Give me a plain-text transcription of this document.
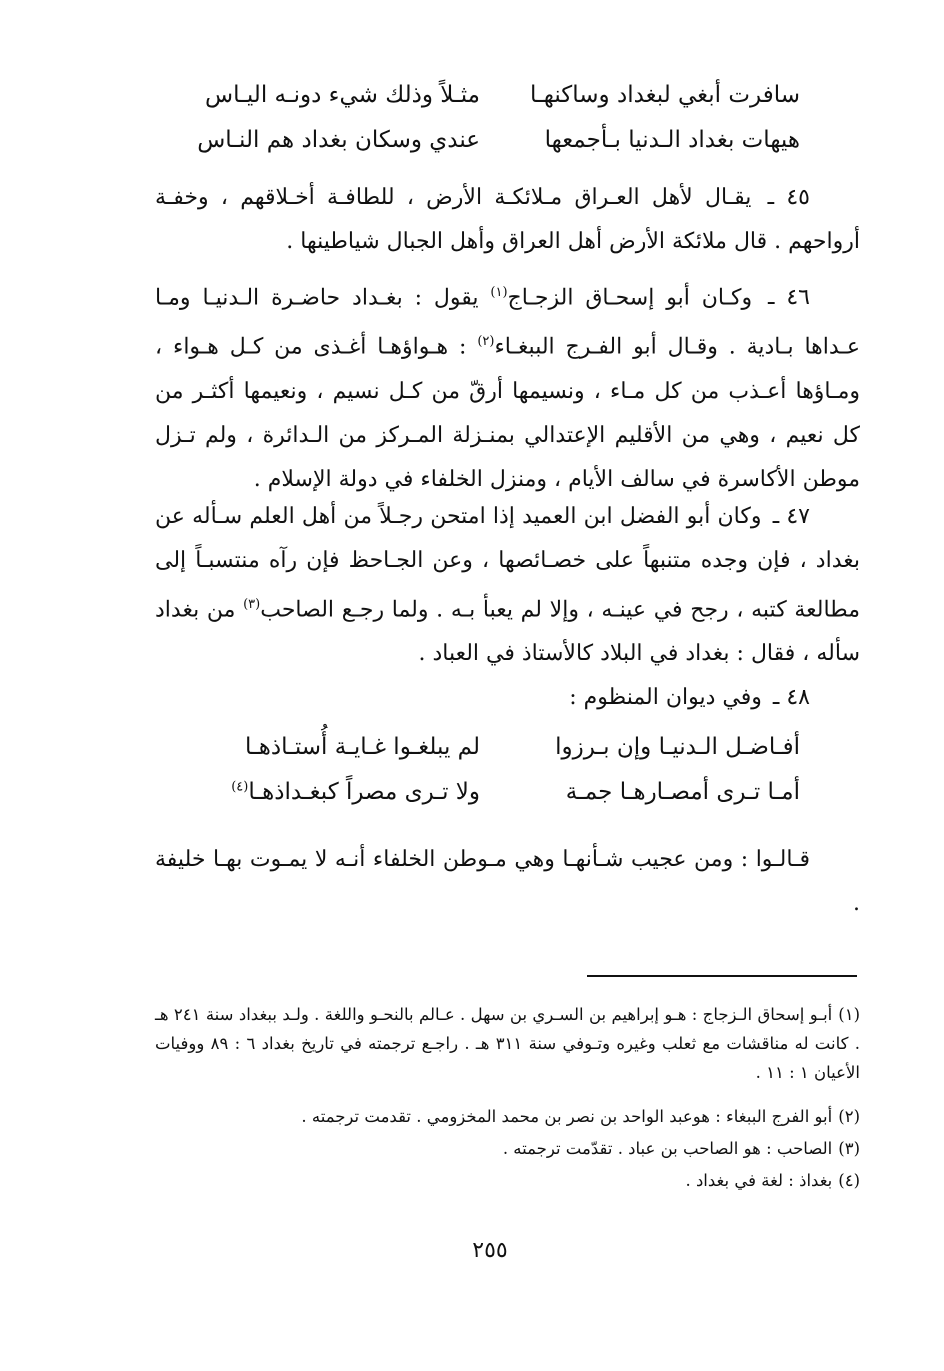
سافرت أبغي لبغداد وساكنهـا
مثـلاً وذلك شيء دونـه اليـاس
هيهات بغداد الـدنيا بـأجمعها
عندي وسكان بغداد هم النـاس
٤٥ ـ يقـال لأهل العـراق مـلائكـة الأرض ، للطافـة أخـلاقهم ، وخفـة أرواحهم . قال ملائكة الأرض أهل العراق وأهل الجبال شياطينها .
٤٦ ـ وكـان أبو إسحـاق الزجـاج$^{(١)}$ يقول : بغـداد حاضـرة الـدنيـا ومـا عـداها بـادية . وقـال أبو الفـرج الببغـاء$^{(٢)}$ : هـواؤهـا أغـذى من كـل هـواء ، ومـاؤها أعـذب من كل مـاء ، ونسيمها أرقّ من كـل نسيم ، ونعيمها أكثـر من كل نعيم ، وهي من الأقليم الإعتدالي بمنـزلة المـركز من الـدائرة ، ولم تـزل موطن الأكاسرة في سالف الأيام ، ومنزل الخلفاء في دولة الإسلام .
٤٧ ـ وكان أبو الفضل ابن العميد إذا امتحن رجـلاً من أهل العلم سـأله عن بغداد ، فإن وجده متنبهاً على خصـائصها ، وعن الجـاحظ فإن رآه منتسبـاً إلى مطالعة كتبه ، رجح في عينـه ، وإلا لم يعبأ بـه . ولما رجـع الصاحب$^{(٣)}$ من بغداد سأله ، فقال : بغداد في البلاد كالأستاذ في العباد .
٤٨ ـ وفي ديوان المنظوم :
أفـاضـل الـدنيـا وإن بـرزوا
لم يبلغـوا غـايـة أُستـاذهـا
أمـا تـرى أمصـارهـا جمـة
ولا تـرى مصراً كبغـداذهـا$^{(٤)}$
قـالـوا : ومن عجيب شـأنهـا وهي مـوطن الخلفاء أنـه لا يمـوت بهـا خليفة .
(١)أبـو إسحاق الـزجاج : هـو إبراهيم بن السـري بن سهل . عـالم بالنحـو واللغة . ولـد ببغداد سنة ٢٤١ هـ . كانت له مناقشات مع ثعلب وغيره وتـوفي سنة ٣١١ هـ . راجـع ترجمته في تاريخ بغداد ٦ : ٨٩ ووفيات الأعيان ١ : ١١ .
(٢)أبو الفرج الببغاء : هوعبد الواحد بن نصر بن محمد المخزومي . تقدمت ترجمته .
(٣)الصاحب : هو الصاحب بن عباد . تقدّمت ترجمته .
(٤)بغداذ : لغة في بغداد .
٢٥٥
